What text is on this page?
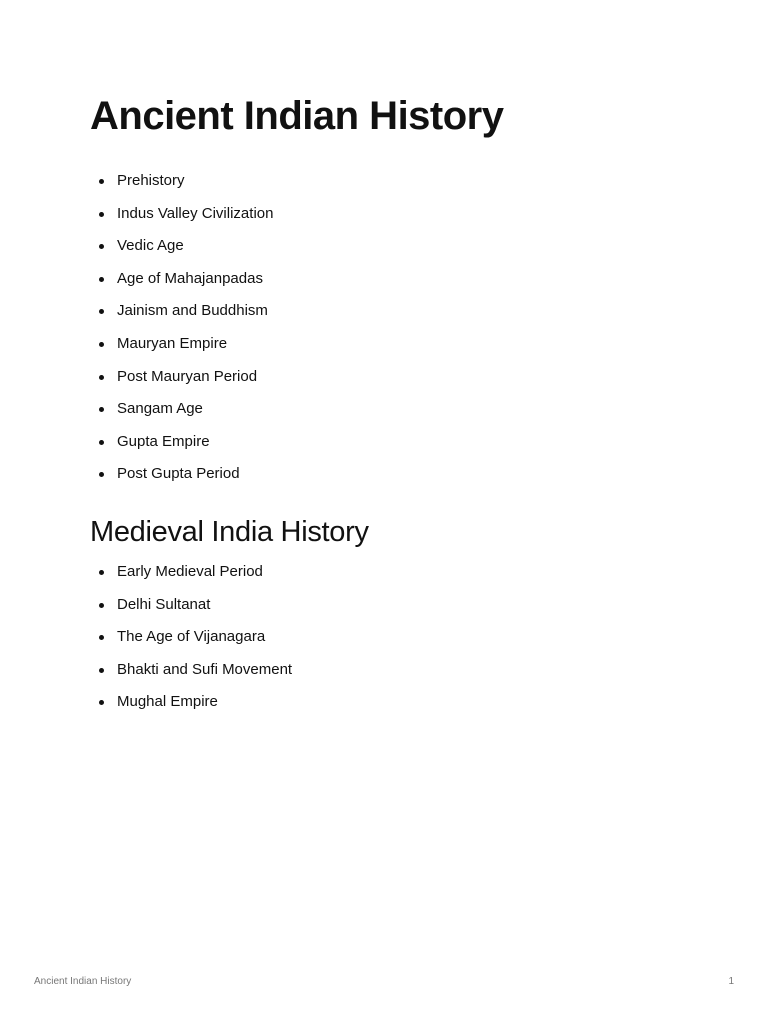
Ancient Indian History
Prehistory
Indus Valley Civilization
Vedic Age
Age of Mahajanpadas
Jainism and Buddhism
Mauryan Empire
Post Mauryan Period
Sangam Age
Gupta Empire
Post Gupta Period
Medieval India History
Early Medieval Period
Delhi Sultanat
The Age of Vijanagara
Bhakti and Sufi Movement
Mughal Empire
Ancient Indian History	1
